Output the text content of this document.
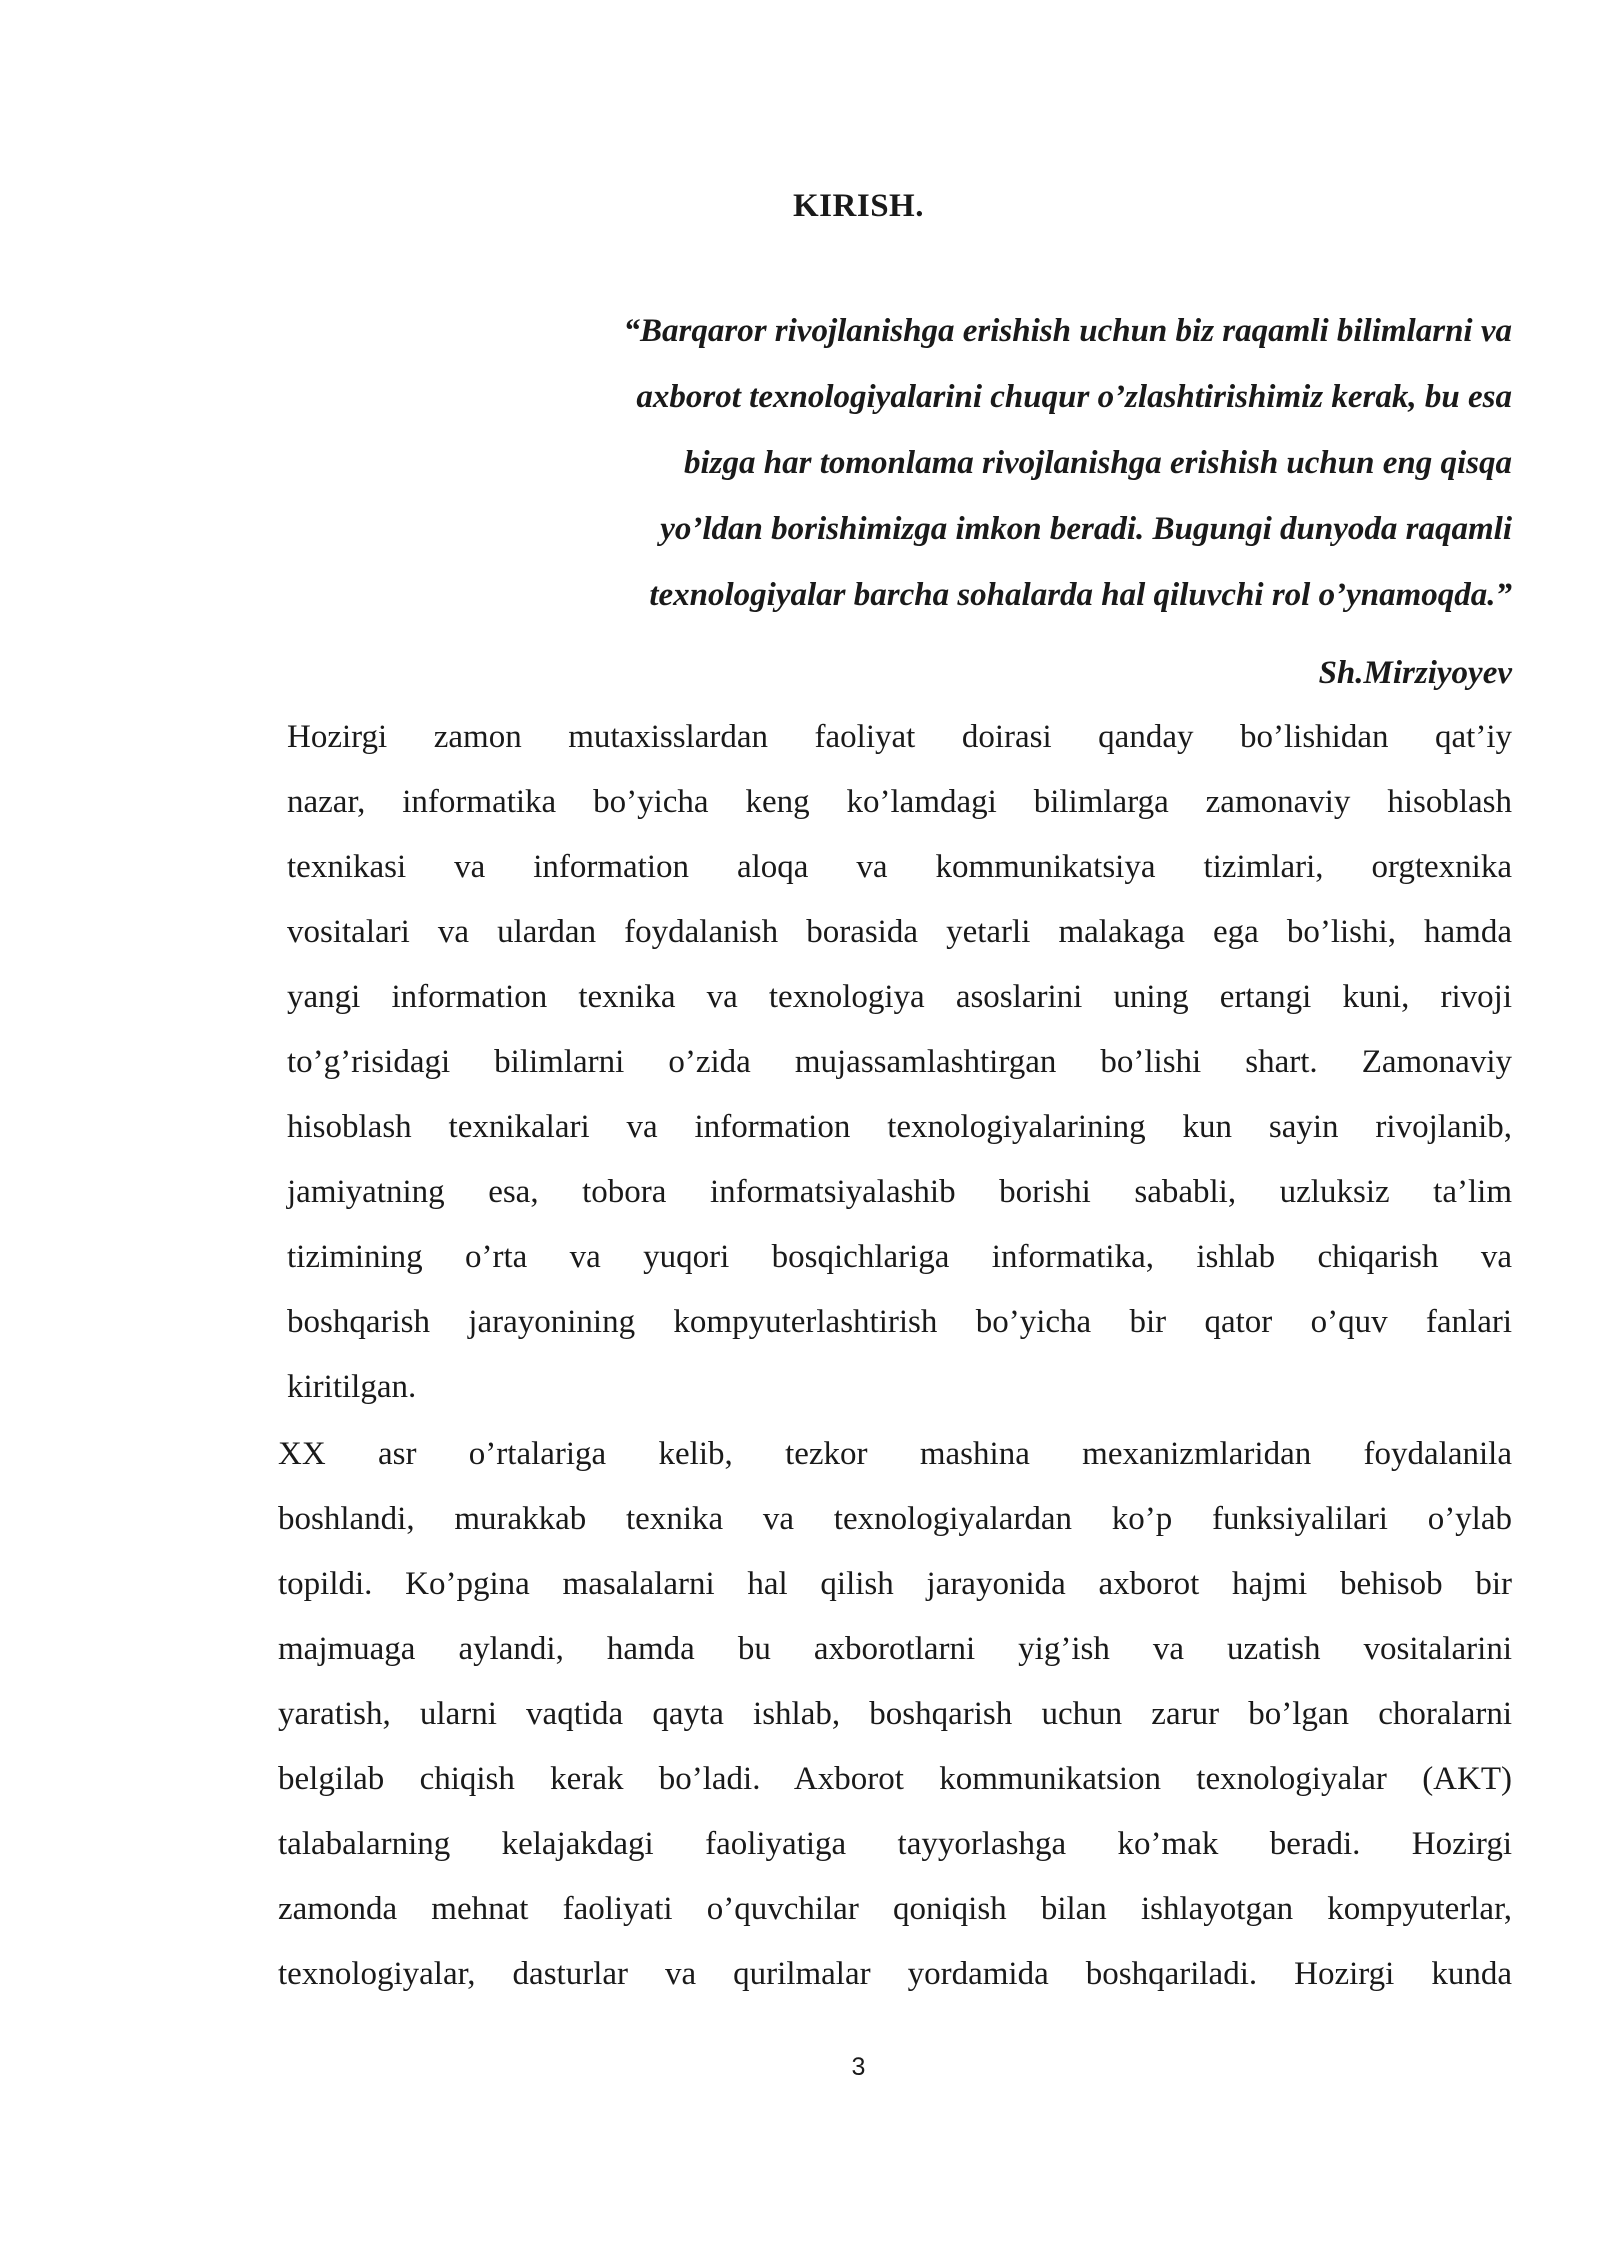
KIRISH.
“Barqaror rivojlanishga erishish uchun biz raqamli bilimlarni va
axborot texnologiyalarini chuqur o’zlashtirishimiz kerak, bu esa
bizga har tomonlama rivojlanishga erishish uchun eng qisqa
yo’ldan borishimizga imkon beradi. Bugungi dunyoda raqamli
texnologiyalar barcha sohalarda hal qiluvchi rol o’ynamoqda.”
Sh.Mirziyoyev
Hozirgi zamon mutaxisslardan faoliyat doirasi qanday bo’lishidan qat’iy
nazar, informatika bo’yicha keng ko’lamdagi bilimlarga zamonaviy hisoblash
texnikasi va information aloqa va kommunikatsiya tizimlari, orgtexnika
vositalari va ulardan foydalanish borasida yetarli malakaga ega bo’lishi, hamda
yangi information texnika va texnologiya asoslarini uning ertangi kuni, rivoji
to’g’risidagi bilimlarni o’zida mujassamlashtirgan bo’lishi shart. Zamonaviy
hisoblash texnikalari va information texnologiyalarining kun sayin rivojlanib,
jamiyatning esa, tobora informatsiyalashib borishi sababli, uzluksiz ta’lim
tizimining o’rta va yuqori bosqichlariga informatika, ishlab chiqarish va
boshqarish jarayonining kompyuterlashtirish bo’yicha bir qator o’quv fanlari
kiritilgan.
XX asr o’rtalariga kelib, tezkor mashina mexanizmlaridan foydalanila
boshlandi, murakkab texnika va texnologiyalardan ko’p funksiyalilari o’ylab
topildi. Ko’pgina masalalarni hal qilish jarayonida axborot hajmi behisob bir
majmuaga aylandi, hamda bu axborotlarni yig’ish va uzatish vositalarini
yaratish, ularni vaqtida qayta ishlab, boshqarish uchun zarur bo’lgan choralarni
belgilab chiqish kerak bo’ladi. Axborot kommunikatsion texnologiyalar (AKT)
talabalarning kelajakdagi faoliyatiga tayyorlashga ko’mak beradi. Hozirgi
zamonda mehnat faoliyati o’quvchilar qoniqish bilan ishlayotgan kompyuterlar,
texnologiyalar, dasturlar va qurilmalar yordamida boshqariladi. Hozirgi kunda
3
